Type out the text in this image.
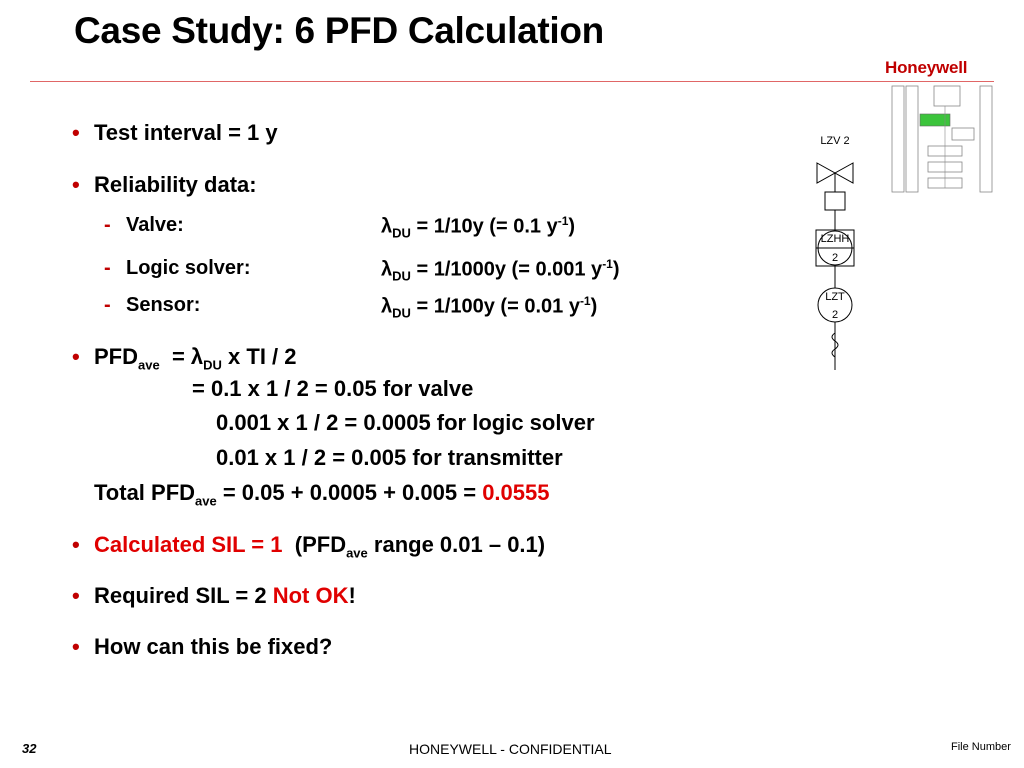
Case Study: 6 PFD Calculation
Honeywell
• Test interval = 1 y
• Reliability data:
- Valve:	$\lambda_{DU} = 1/10y$ (= 0.1 $y^{-1}$)
- Logic solver:	$\lambda_{DU} = 1/1000y$ (= 0.001 $y^{-1}$)
- Sensor:	$\lambda_{DU} = 1/100y$ (= 0.01 $y^{-1}$)
• $PFD_{ave} = \lambda_{DU}$ x TI / 2
= 0.1 x 1 / 2 = 0.05 for valve
0.001 x 1 / 2 = 0.0005 for logic solver
0.01 x 1 / 2 = 0.005 for transmitter
Total $PFD_{ave} = 0.05 + 0.0005 + 0.005 = 0.0555$
• Calculated SIL = 1 ($PFD_{ave}$ range 0.01 – 0.1)
• Required SIL = 2 Not OK!
• How can this be fixed?
LZV 2
LZHH
2
LZT
2
32	HONEYWELL - CONFIDENTIAL	File Number
